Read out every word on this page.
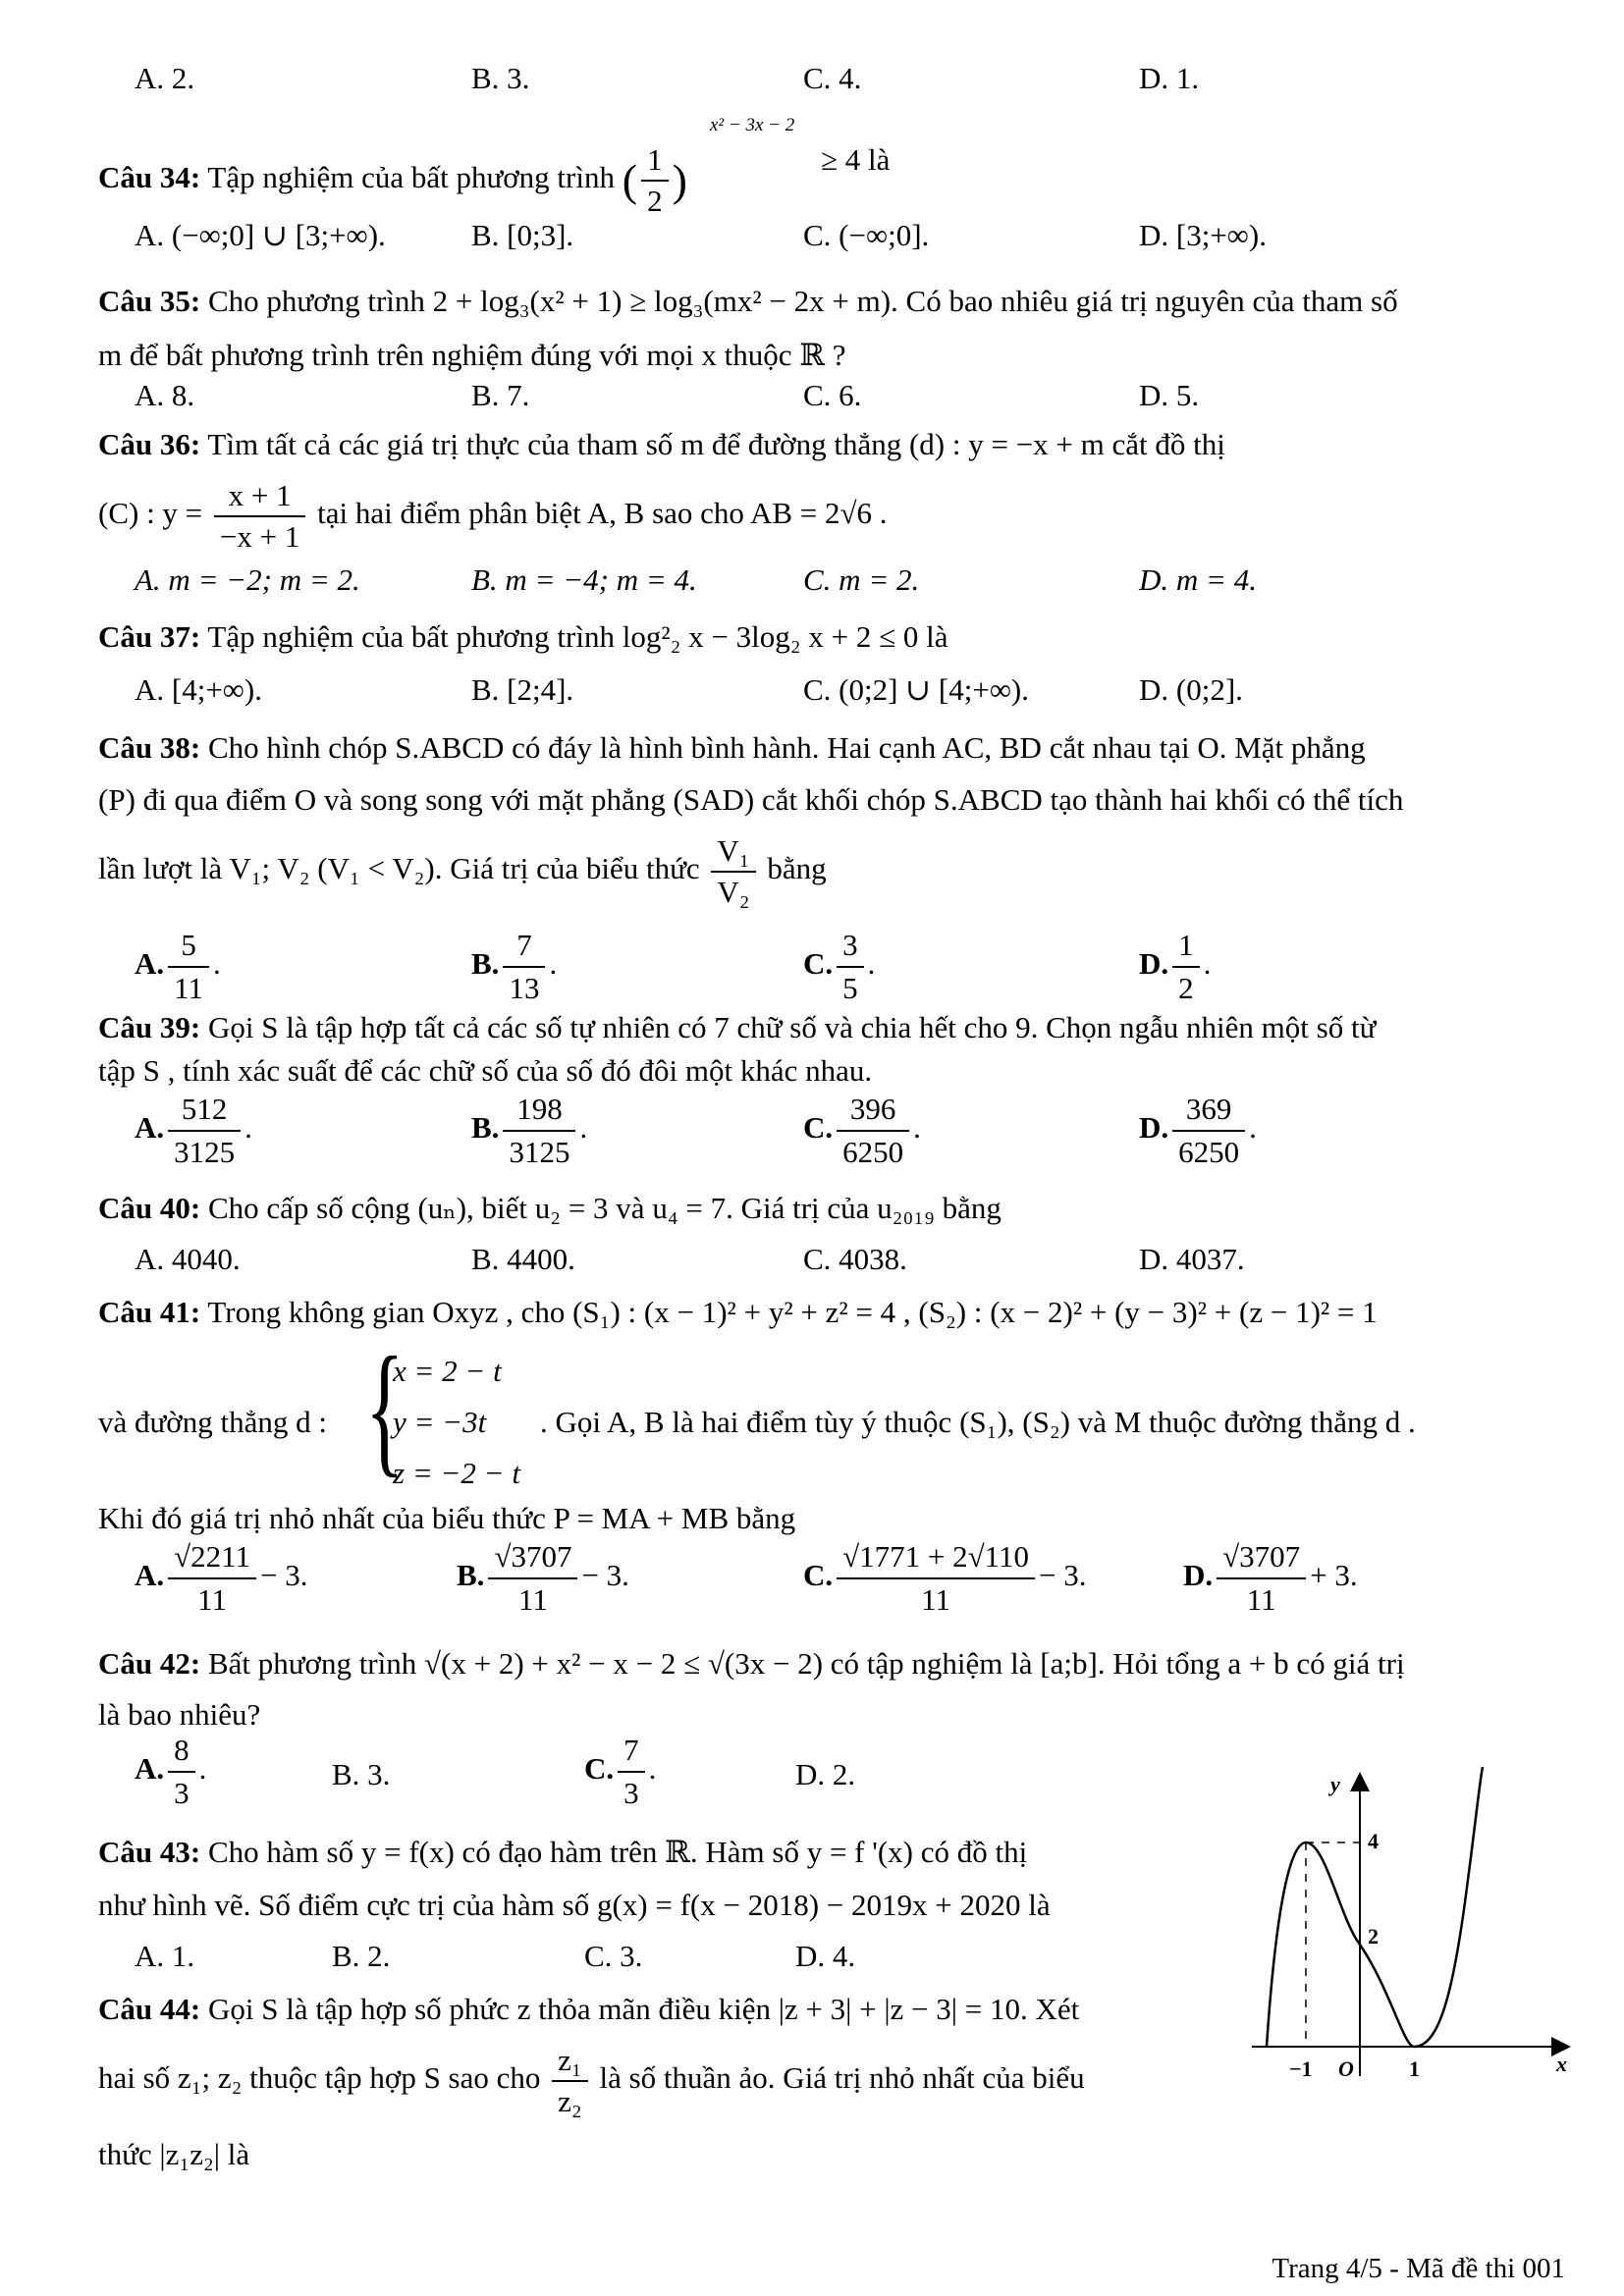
A. 2.	B. 3.	C. 4.	D. 1.
Câu 34: Tập nghiệm của bất phương trình ( $\frac{1}{2}$ )
x² − 3x − 2
≥ 4 là
A. (−∞;0] ∪ [3;+∞).	B. [0;3].	C. (−∞;0].	D. [3;+∞).
Câu 35: Cho phương trình 2 + log₃(x² + 1) ≥ log₃(mx² − 2x + m). Có bao nhiêu giá trị nguyên của tham số
m để bất phương trình trên nghiệm đúng với mọi x thuộc ℝ ?
A. 8.	B. 7.	C. 6.	D. 5.
Câu 36: Tìm tất cả các giá trị thực của tham số m để đường thẳng (d) : y = −x + m cắt đồ thị
(C) : $y = \frac{x + 1}{-x + 1}$ tại hai điểm phân biệt A, B sao cho AB = 2√6 .
A. m = −2; m = 2.	B. m = −4; m = 4.	C. m = 2.	D. m = 4.
Câu 37: Tập nghiệm của bất phương trình log²₂ x − 3log₂ x + 2 ≤ 0 là
A. [4;+∞).	B. [2;4].	C. (0;2] ∪ [4;+∞).	D. (0;2].
Câu 38: Cho hình chóp S.ABCD có đáy là hình bình hành. Hai cạnh AC, BD cắt nhau tại O. Mặt phẳng
(P) đi qua điểm O và song song với mặt phẳng (SAD) cắt khối chóp S.ABCD tạo thành hai khối có thể tích
lần lượt là V₁; V₂ (V₁ < V₂). Giá trị của biểu thức $\frac{\text{V₁}}{\text{V₂}}$ bằng
A. $\frac{5}{11}$ .	B. $\frac{7}{13}$ .	C. $\frac{3}{5}$ .	D. $\frac{1}{2}$ .
Câu 39: Gọi S là tập hợp tất cả các số tự nhiên có 7 chữ số và chia hết cho 9. Chọn ngẫu nhiên một số từ
tập S , tính xác suất để các chữ số của số đó đôi một khác nhau.
A. $\frac{512}{3125}$ .	B. $\frac{198}{3125}$ .	C. $\frac{396}{6250}$ .	D. $\frac{369}{6250}$ .
Câu 40: Cho cấp số cộng (uₙ), biết u₂ = 3 và u₄ = 7. Giá trị của u₂₀₁₉ bằng
A. 4040.	B. 4400.	C. 4038.	D. 4037.
Câu 41: Trong không gian Oxyz , cho (S₁) : (x − 1)² + y² + z² = 4 , (S₂) : (x − 2)² + (y − 3)² + (z − 1)² = 1
và đường thẳng d : {
x = 2 − t
y = −3t
z = −2 − t
. Gọi A, B là hai điểm tùy ý thuộc (S₁), (S₂) và M thuộc đường thẳng d .
Khi đó giá trị nhỏ nhất của biểu thức P = MA + MB bằng
A. $\frac{√2211}{11} - 3$.	B. $\frac{√3707}{11} - 3$.	C. $\frac{√1771 + 2√110}{11} - 3$.	D. $\frac{√3707}{11} + 3$.
Câu 42: Bất phương trình √(x + 2) + x² − x − 2 ≤ √(3x − 2) có tập nghiệm là [a;b]. Hỏi tổng a + b có giá trị
là bao nhiêu?
A. $\frac{8}{3}$ .	B. 3.	C. $\frac{7}{3}$ .	D. 2.
Câu 43: Cho hàm số y = f(x) có đạo hàm trên ℝ. Hàm số y = f '(x) có đồ thị
như hình vẽ. Số điểm cực trị của hàm số g(x) = f(x − 2018) − 2019x + 2020 là
A. 1.	B. 2.	C. 3.	D. 4.
Câu 44: Gọi S là tập hợp số phức z thỏa mãn điều kiện |z + 3| + |z − 3| = 10. Xét
hai số z₁; z₂ thuộc tập hợp S sao cho $\frac{\text{z₁}}{\text{z₂}}$ là số thuần ảo. Giá trị nhỏ nhất của biểu
thức |z₁z₂| là
y
x
O
4
2
−1	1
Trang 4/5 - Mã đề thi 001
